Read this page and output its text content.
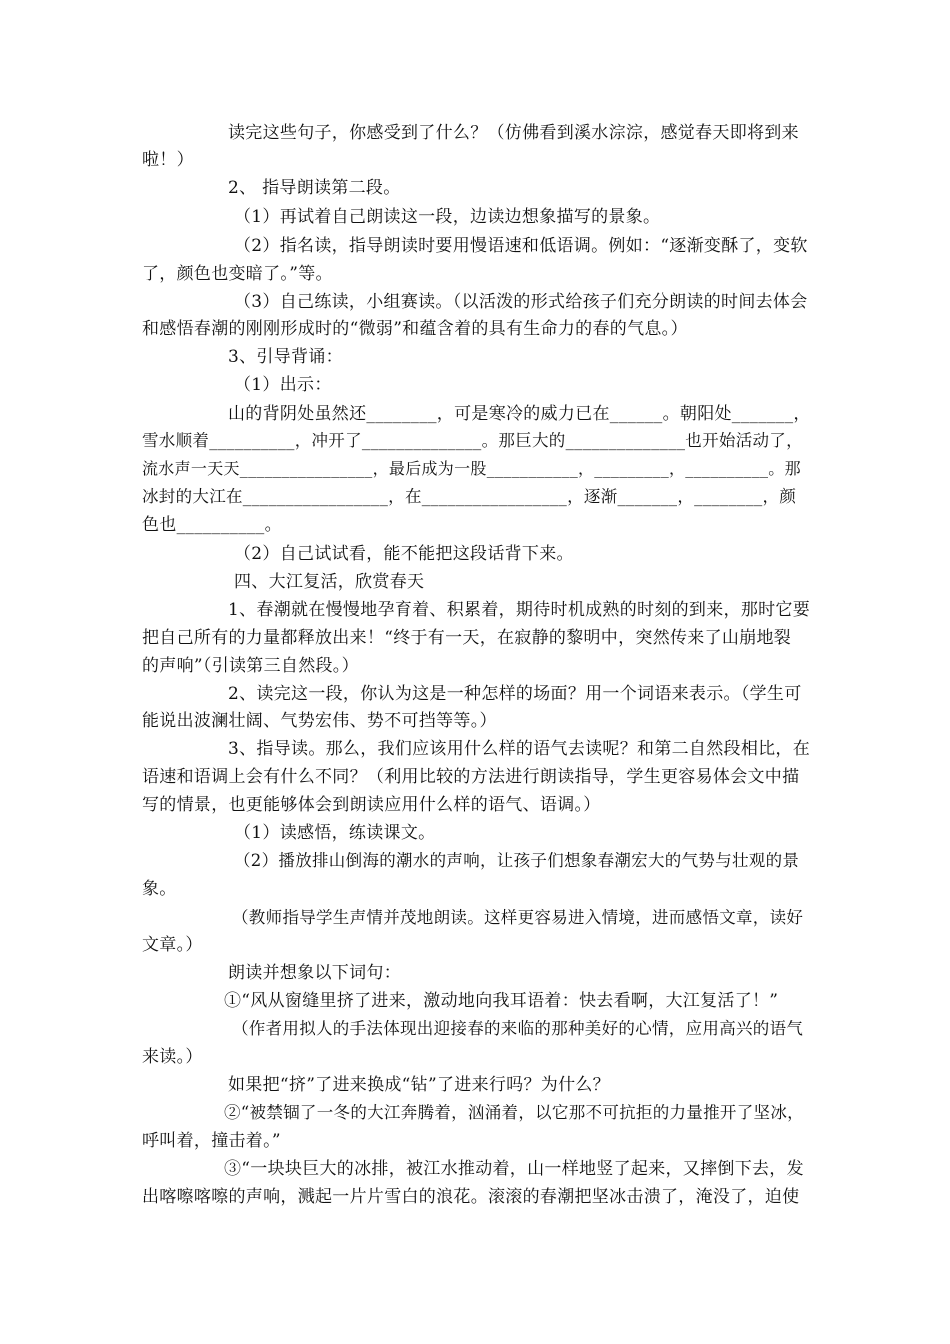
读完这些句子，你感受到了什么？（仿佛看到溪水淙淙，感觉春天即将到来
啦！）
2、 指导朗读第二段。
（1）再试着自己朗读这一段，边读边想象描写的景象。
（2）指名读，指导朗读时要用慢语速和低语调。例如：“逐渐变酥了，变软
了，颜色也变暗了。”等。
（3）自己练读，小组赛读。（以活泼的形式给孩子们充分朗读的时间去体会
和感悟春潮的刚刚形成时的“微弱”和蕴含着的具有生命力的春的气息。）
3、引导背诵：
（1）出示：
山的背阴处虽然还________，可是寒冷的威力已在______。朝阳处_______，
雪水顺着__________，冲开了______________。那巨大的______________也开始活动了，
流水声一天天________________，最后成为一股___________，_________，__________。那
冰封的大江在_________________，在_________________，逐渐_______，________，颜
色也__________。
（2）自己试试看，能不能把这段话背下来。
四、大江复活，欣赏春天
1、春潮就在慢慢地孕育着、积累着，期待时机成熟的时刻的到来，那时它要
把自己所有的力量都释放出来！“终于有一天，在寂静的黎明中，突然传来了山崩地裂
的声响”（引读第三自然段。）
2、读完这一段，你认为这是一种怎样的场面？用一个词语来表示。（学生可
能说出波澜壮阔、气势宏伟、势不可挡等等。）
3、指导读。那么，我们应该用什么样的语气去读呢？和第二自然段相比，在
语速和语调上会有什么不同？（利用比较的方法进行朗读指导，学生更容易体会文中描
写的情景，也更能够体会到朗读应用什么样的语气、语调。）
（1）读感悟，练读课文。
（2）播放排山倒海的潮水的声响，让孩子们想象春潮宏大的气势与壮观的景
象。
（教师指导学生声情并茂地朗读。这样更容易进入情境，进而感悟文章，读好
文章。）
朗读并想象以下词句：
①“风从窗缝里挤了进来，激动地向我耳语着：快去看啊，大江复活了！”
（作者用拟人的手法体现出迎接春的来临的那种美好的心情，应用高兴的语气
来读。）
如果把“挤”了进来换成“钻”了进来行吗？为什么？
②“被禁锢了一冬的大江奔腾着，汹涌着，以它那不可抗拒的力量推开了坚冰，
呼叫着，撞击着。”
③“一块块巨大的冰排，被江水推动着，山一样地竖了起来，又摔倒下去，发
出喀嚓喀嚓的声响，溅起一片片雪白的浪花。滚滚的春潮把坚冰击溃了，淹没了，迫使
